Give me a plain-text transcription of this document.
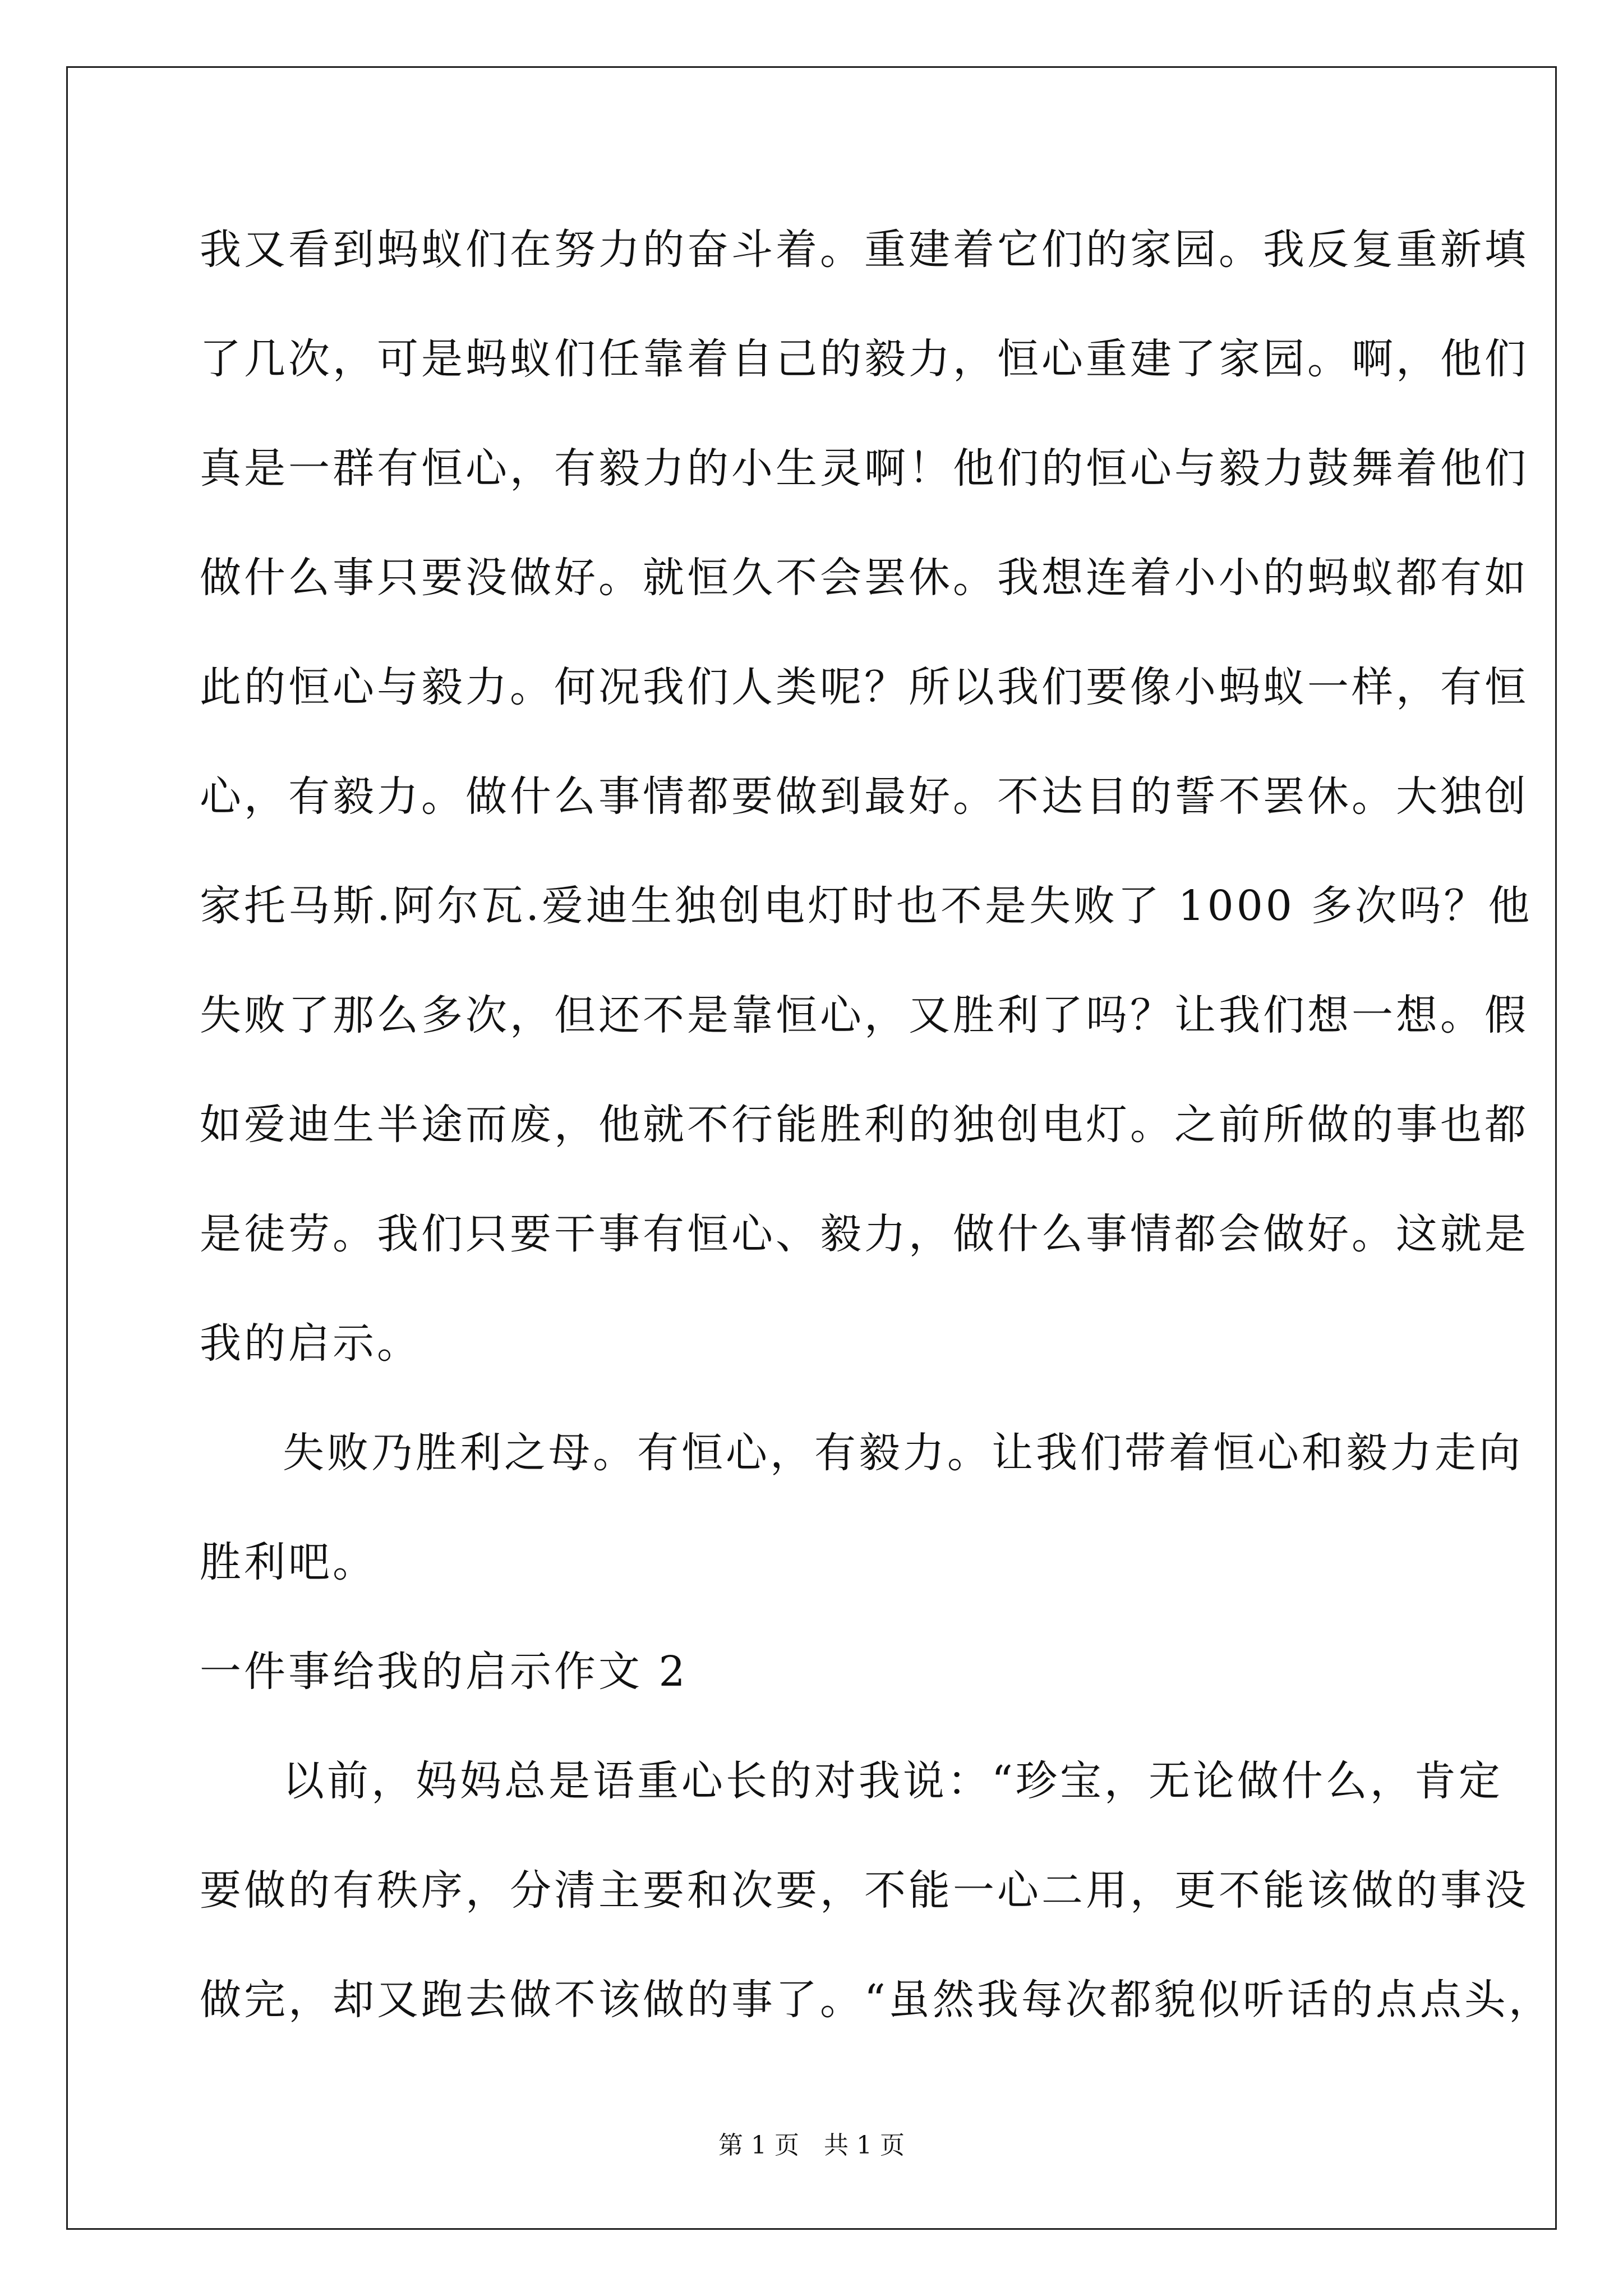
我又看到蚂蚁们在努力的奋斗着。重建着它们的家园。我反复重新填
了几次，可是蚂蚁们任靠着自己的毅力，恒心重建了家园。啊，他们
真是一群有恒心，有毅力的小生灵啊！他们的恒心与毅力鼓舞着他们
做什么事只要没做好。就恒久不会罢休。我想连着小小的蚂蚁都有如
此的恒心与毅力。何况我们人类呢？所以我们要像小蚂蚁一样，有恒
心，有毅力。做什么事情都要做到最好。不达目的誓不罢休。大独创
家托马斯.阿尔瓦.爱迪生独创电灯时也不是失败了 1000 多次吗？他
失败了那么多次，但还不是靠恒心，又胜利了吗？让我们想一想。假
如爱迪生半途而废，他就不行能胜利的独创电灯。之前所做的事也都
是徒劳。我们只要干事有恒心、毅力，做什么事情都会做好。这就是
我的启示。
失败乃胜利之母。有恒心，有毅力。让我们带着恒心和毅力走向
胜利吧。
一件事给我的启示作文 2
以前，妈妈总是语重心长的对我说：“珍宝，无论做什么，肯定
要做的有秩序，分清主要和次要，不能一心二用，更不能该做的事没
做完，却又跑去做不该做的事了。“虽然我每次都貌似听话的点点头，
第 1 页　共 1 页
